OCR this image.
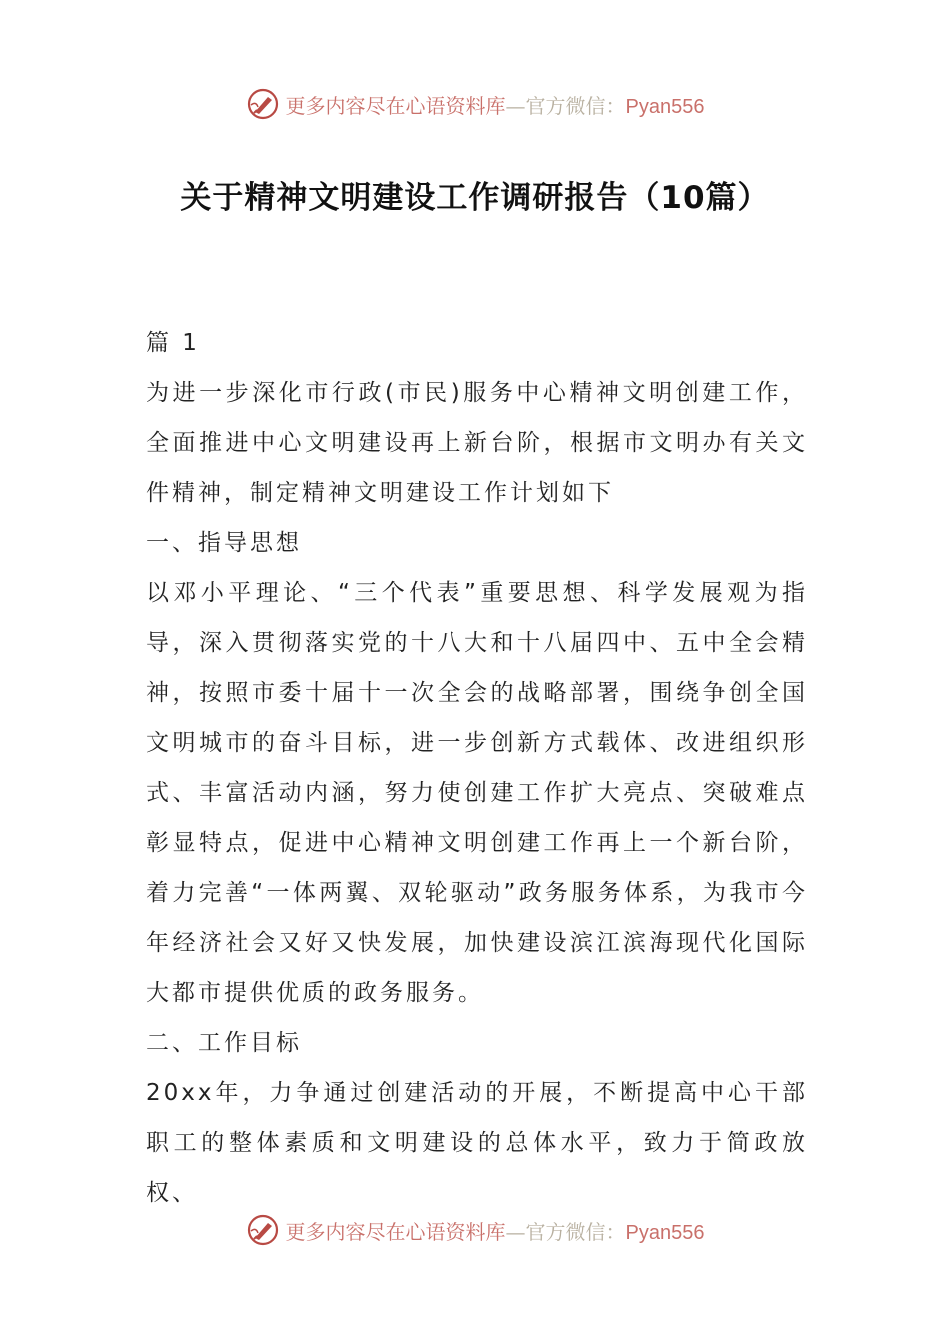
更多内容尽在心语资料库—官方微信：Pyan556
关于精神文明建设工作调研报告（10篇）

篇 1

为进一步深化市行政(市民)服务中心精神文明创建工作，全面推进中心文明建设再上新台阶，根据市文明办有关文件精神，制定精神文明建设工作计划如下

一、指导思想

以邓小平理论、“三个代表”重要思想、科学发展观为指导，深入贯彻落实党的十八大和十八届四中、五中全会精神，按照市委十届十一次全会的战略部署，围绕争创全国文明城市的奋斗目标，进一步创新方式载体、改进组织形式、丰富活动内涵，努力使创建工作扩大亮点、突破难点彰显特点，促进中心精神文明创建工作再上一个新台阶，着力完善“一体两翼、双轮驱动”政务服务体系，为我市今年经济社会又好又快发展，加快建设滨江滨海现代化国际大都市提供优质的政务服务。

二、工作目标

20xx年，力争通过创建活动的开展，不断提高中心干部职工的整体素质和文明建设的总体水平，致力于简政放权、

更多内容尽在心语资料库—官方微信：Pyan556
